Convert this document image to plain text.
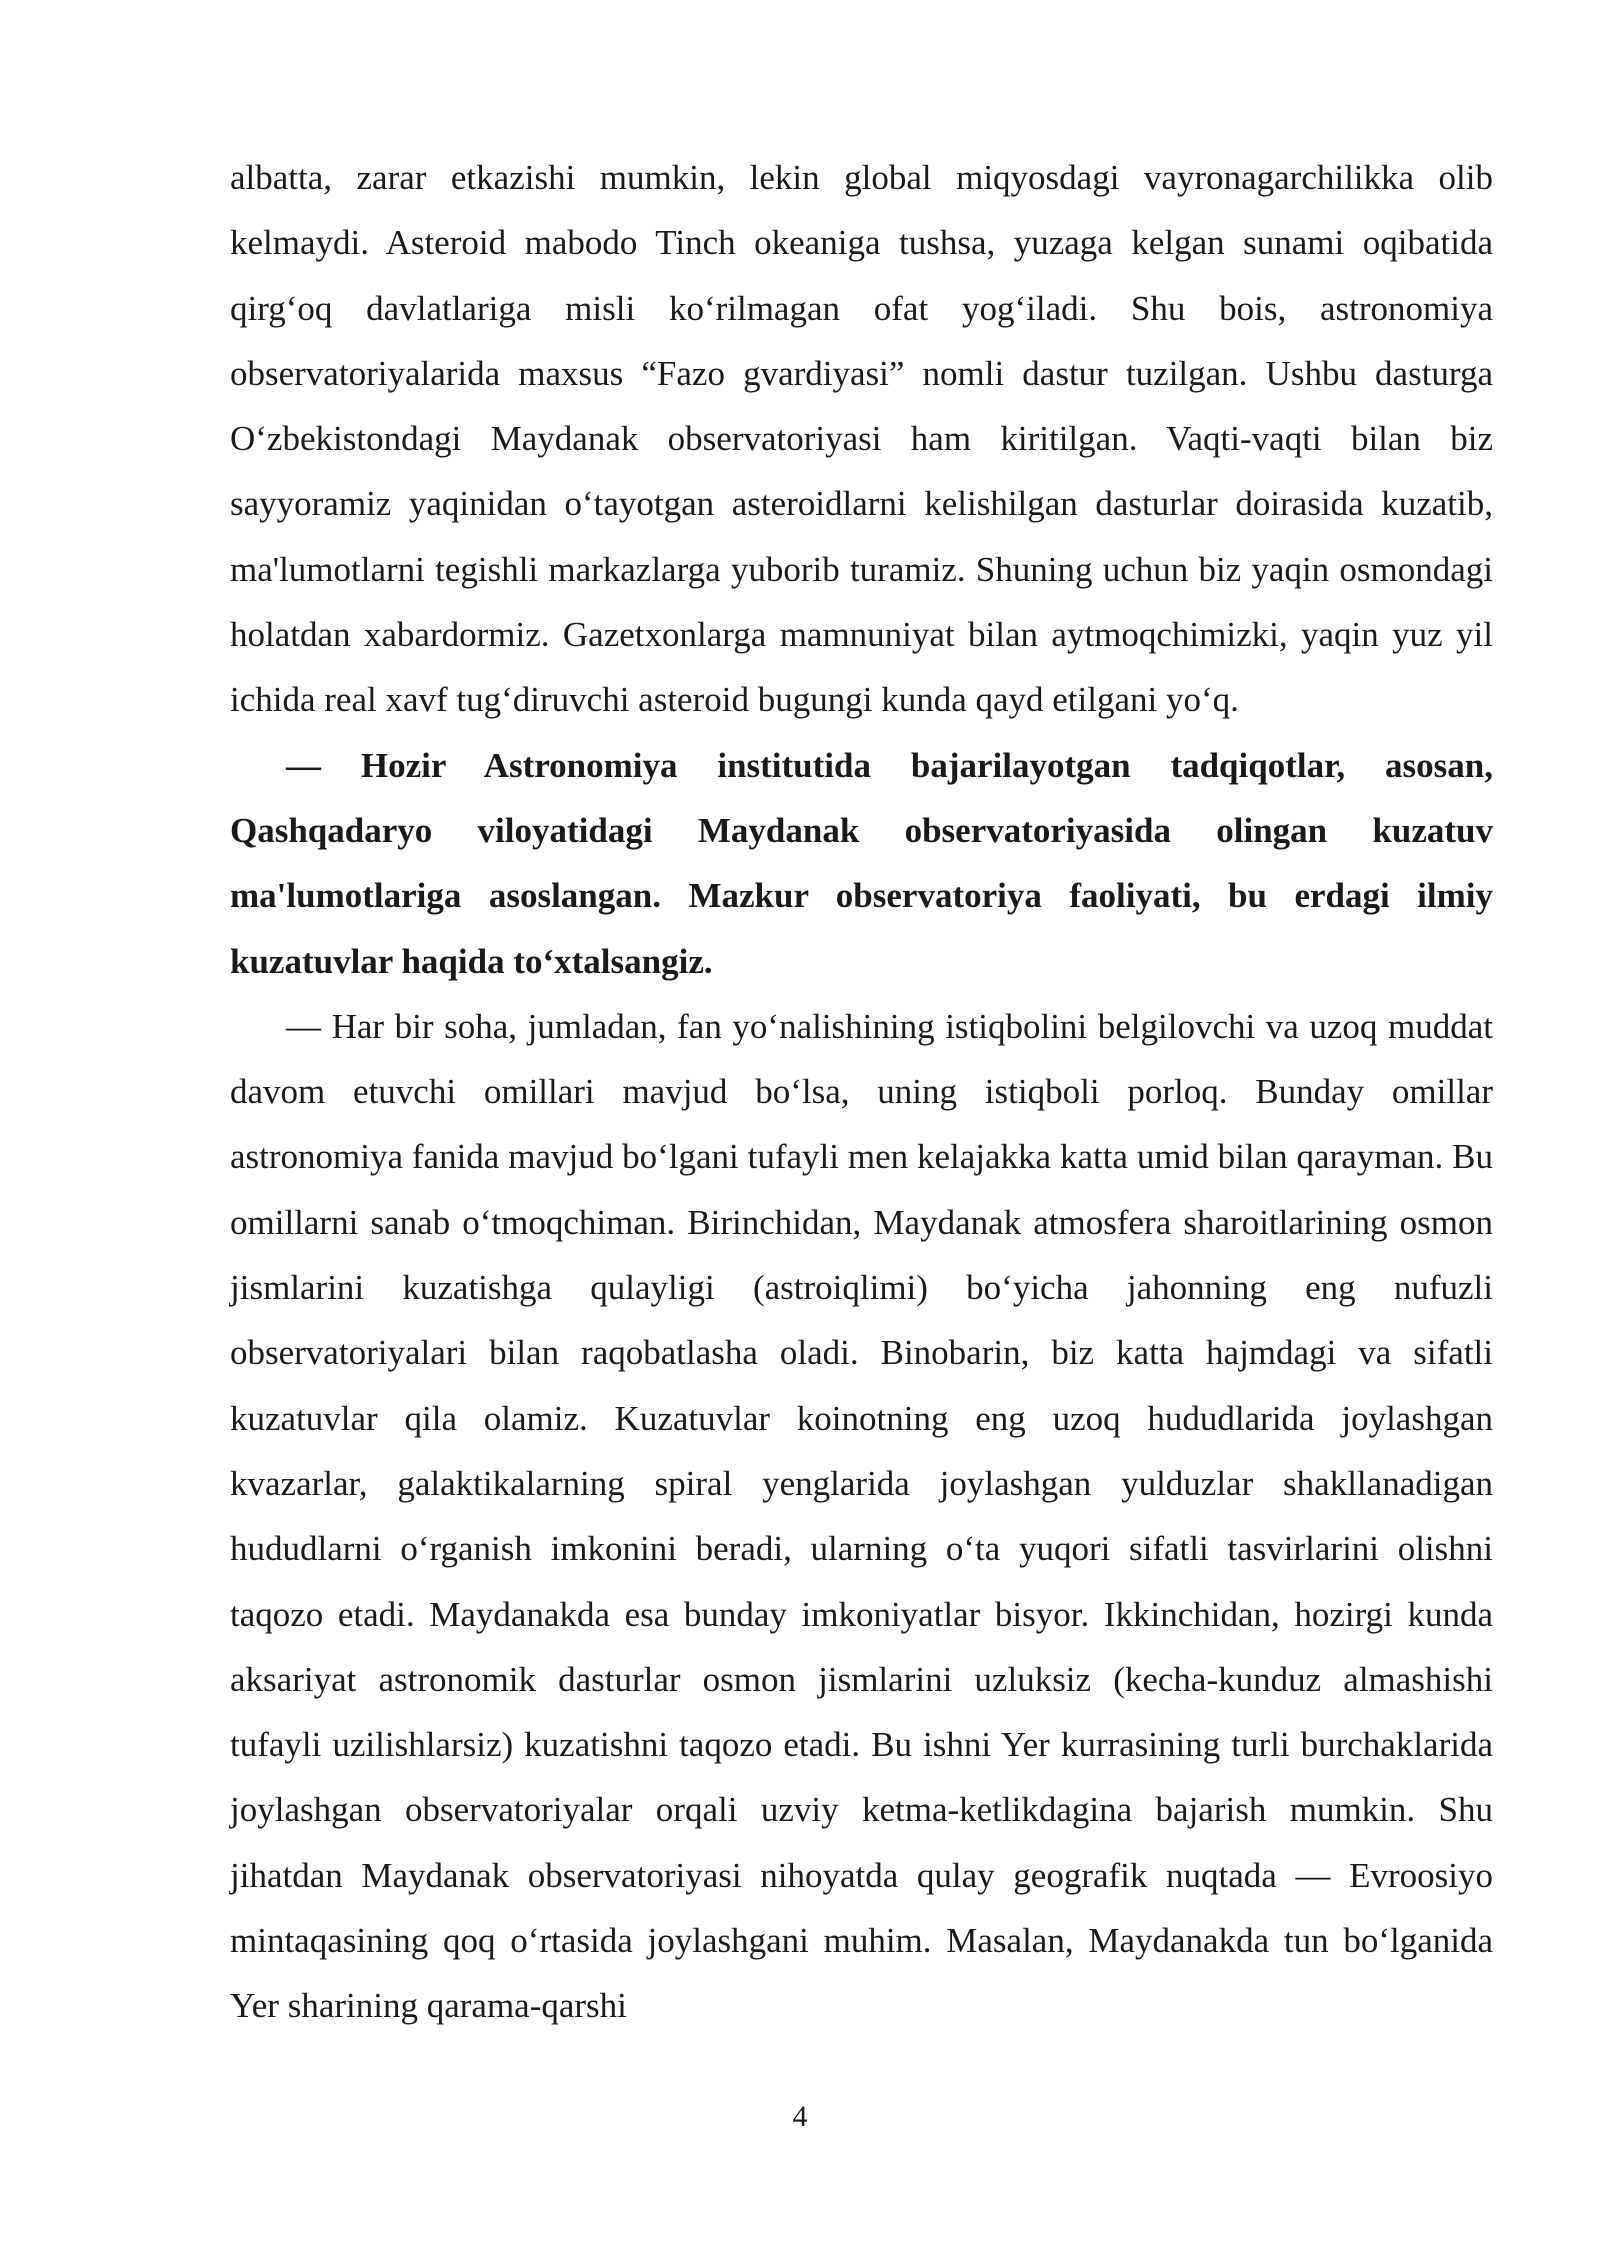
albatta, zarar etkazishi mumkin, lekin global miqyosdagi vayronagarchilikka olib kelmaydi. Asteroid mabodo Tinch okeaniga tushsa, yuzaga kelgan sunami oqibatida qirg‘oq davlatlariga misli ko‘rilmagan ofat yog‘iladi. Shu bois, astronomiya observatoriyalarida maxsus “Fazo gvardiyasi” nomli dastur tuzilgan. Ushbu dasturga O‘zbekistondagi Maydanak observatoriyasi ham kiritilgan. Vaqti-vaqti bilan biz sayyoramiz yaqinidan o‘tayotgan asteroidlarni kelishilgan dasturlar doirasida kuzatib, ma'lumotlarni tegishli markazlarga yuborib turamiz. Shuning uchun biz yaqin osmondagi holatdan xabardormiz. Gazetxonlarga mamnuniyat bilan aytmoqchimizki, yaqin yuz yil ichida real xavf tug‘diruvchi asteroid bugungi kunda qayd etilgani yo‘q.

— Hozir Astronomiya institutida bajarilayotgan tadqiqotlar, asosan, Qashqadaryo viloyatidagi Maydanak observatoriyasida olingan kuzatuv ma'lumotlariga asoslangan. Mazkur observatoriya faoliyati, bu erdagi ilmiy kuzatuvlar haqida to‘xtalsangiz.

— Har bir soha, jumladan, fan yo‘nalishining istiqbolini belgilovchi va uzoq muddat davom etuvchi omillari mavjud bo‘lsa, uning istiqboli porloq. Bunday omillar astronomiya fanida mavjud bo‘lgani tufayli men kelajakka katta umid bilan qarayman. Bu omillarni sanab o‘tmoqchiman. Birinchidan, Maydanak atmosfera sharoitlarining osmon jismlarini kuzatishga qulayligi (astroiqlimi) bo‘yicha jahonning eng nufuzli observatoriyalari bilan raqobatlasha oladi. Binobarin, biz katta hajmdagi va sifatli kuzatuvlar qila olamiz. Kuzatuvlar koinotning eng uzoq hududlarida joylashgan kvazarlar, galaktikalarning spiral yenglarida joylashgan yulduzlar shakllanadigan hududlarni o‘rganish imkonini beradi, ularning o‘ta yuqori sifatli tasvirlarini olishni taqozo etadi. Maydanakda esa bunday imkoniyatlar bisyor. Ikkinchidan, hozirgi kunda aksariyat astronomik dasturlar osmon jismlarini uzluksiz (kecha-kunduz almashishi tufayli uzilishlarsiz) kuzatishni taqozo etadi. Bu ishni Yer kurrasining turli burchaklarida joylashgan observatoriyalar orqali uzviy ketma-ketlikdagina bajarish mumkin. Shu jihatdan Maydanak observatoriyasi nihoyatda qulay geografik nuqtada — Evroosiyo mintaqasining qoq o‘rtasida joylashgani muhim. Masalan, Maydanakda tun bo‘lganida Yer sharining qarama-qarshi

4
